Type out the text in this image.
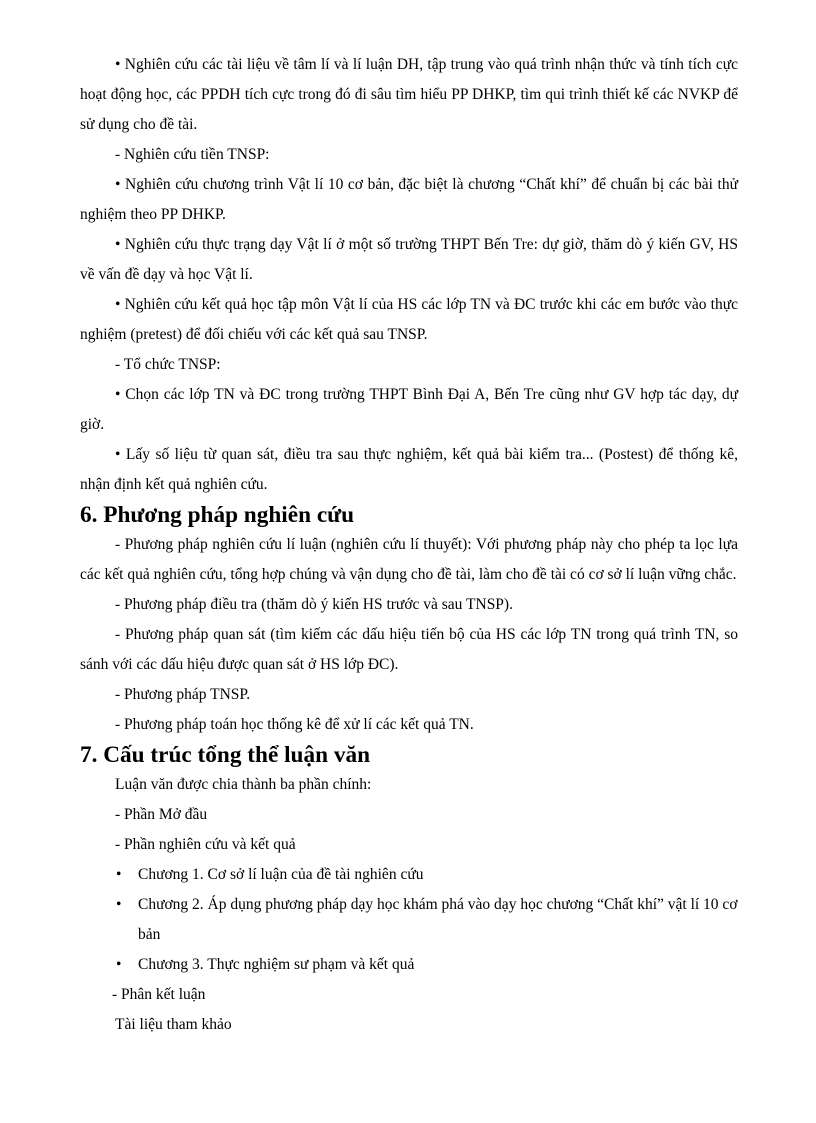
• Nghiên cứu các tài liệu về tâm lí và lí luận DH, tập trung vào quá trình nhận thức và tính tích cực hoạt động học, các PPDH tích cực trong đó đi sâu tìm hiểu PP DHKP, tìm qui trình thiết kế các NVKP để sử dụng cho đề tài.

- Nghiên cứu tiền TNSP:

• Nghiên cứu chương trình Vật lí 10 cơ bản, đặc biệt là chương “Chất khí” để chuẩn bị các bài thử nghiệm theo PP DHKP.

• Nghiên cứu thực trạng dạy Vật lí ở một số trường THPT Bến Tre: dự giờ, thăm dò ý kiến GV, HS về vấn đề dạy và học Vật lí.

• Nghiên cứu kết quả học tập môn Vật lí của HS các lớp TN và ĐC trước khi các em bước vào thực nghiệm (pretest) để đối chiếu với các kết quả sau TNSP.

- Tổ chức TNSP:

• Chọn các lớp TN và ĐC trong trường THPT Bình Đại A, Bến Tre cũng như GV hợp tác dạy, dự giờ.

• Lấy số liệu từ quan sát, điều tra sau thực nghiệm, kết quả bài kiểm tra... (Postest) để thống kê, nhận định kết quả nghiên cứu.

6. Phương pháp nghiên cứu

- Phương pháp nghiên cứu lí luận (nghiên cứu lí thuyết): Với phương pháp này cho phép ta lọc lựa các kết quả nghiên cứu, tổng hợp chúng và vận dụng cho đề tài, làm cho đề tài có cơ sở lí luận vững chắc.

- Phương pháp điều tra (thăm dò ý kiến HS trước và sau TNSP).

- Phương pháp quan sát (tìm kiếm các dấu hiệu tiến bộ của HS các lớp TN trong quá trình TN, so sánh với các dấu hiệu được quan sát ở HS lớp ĐC).

- Phương pháp TNSP.

- Phương pháp toán học thống kê để xử lí các kết quả TN.

7. Cấu trúc tổng thể luận văn

Luận văn được chia thành ba phần chính:

- Phần Mở đầu

- Phần nghiên cứu và kết quả

•	Chương 1. Cơ sở lí luận của đề tài nghiên cứu
•	Chương 2. Áp dụng phương pháp dạy học khám phá vào dạy học chương “Chất khí” vật lí 10 cơ bản
•	Chương 3. Thực nghiệm sư phạm và kết quả

- Phân kết luận

Tài liệu tham khảo
